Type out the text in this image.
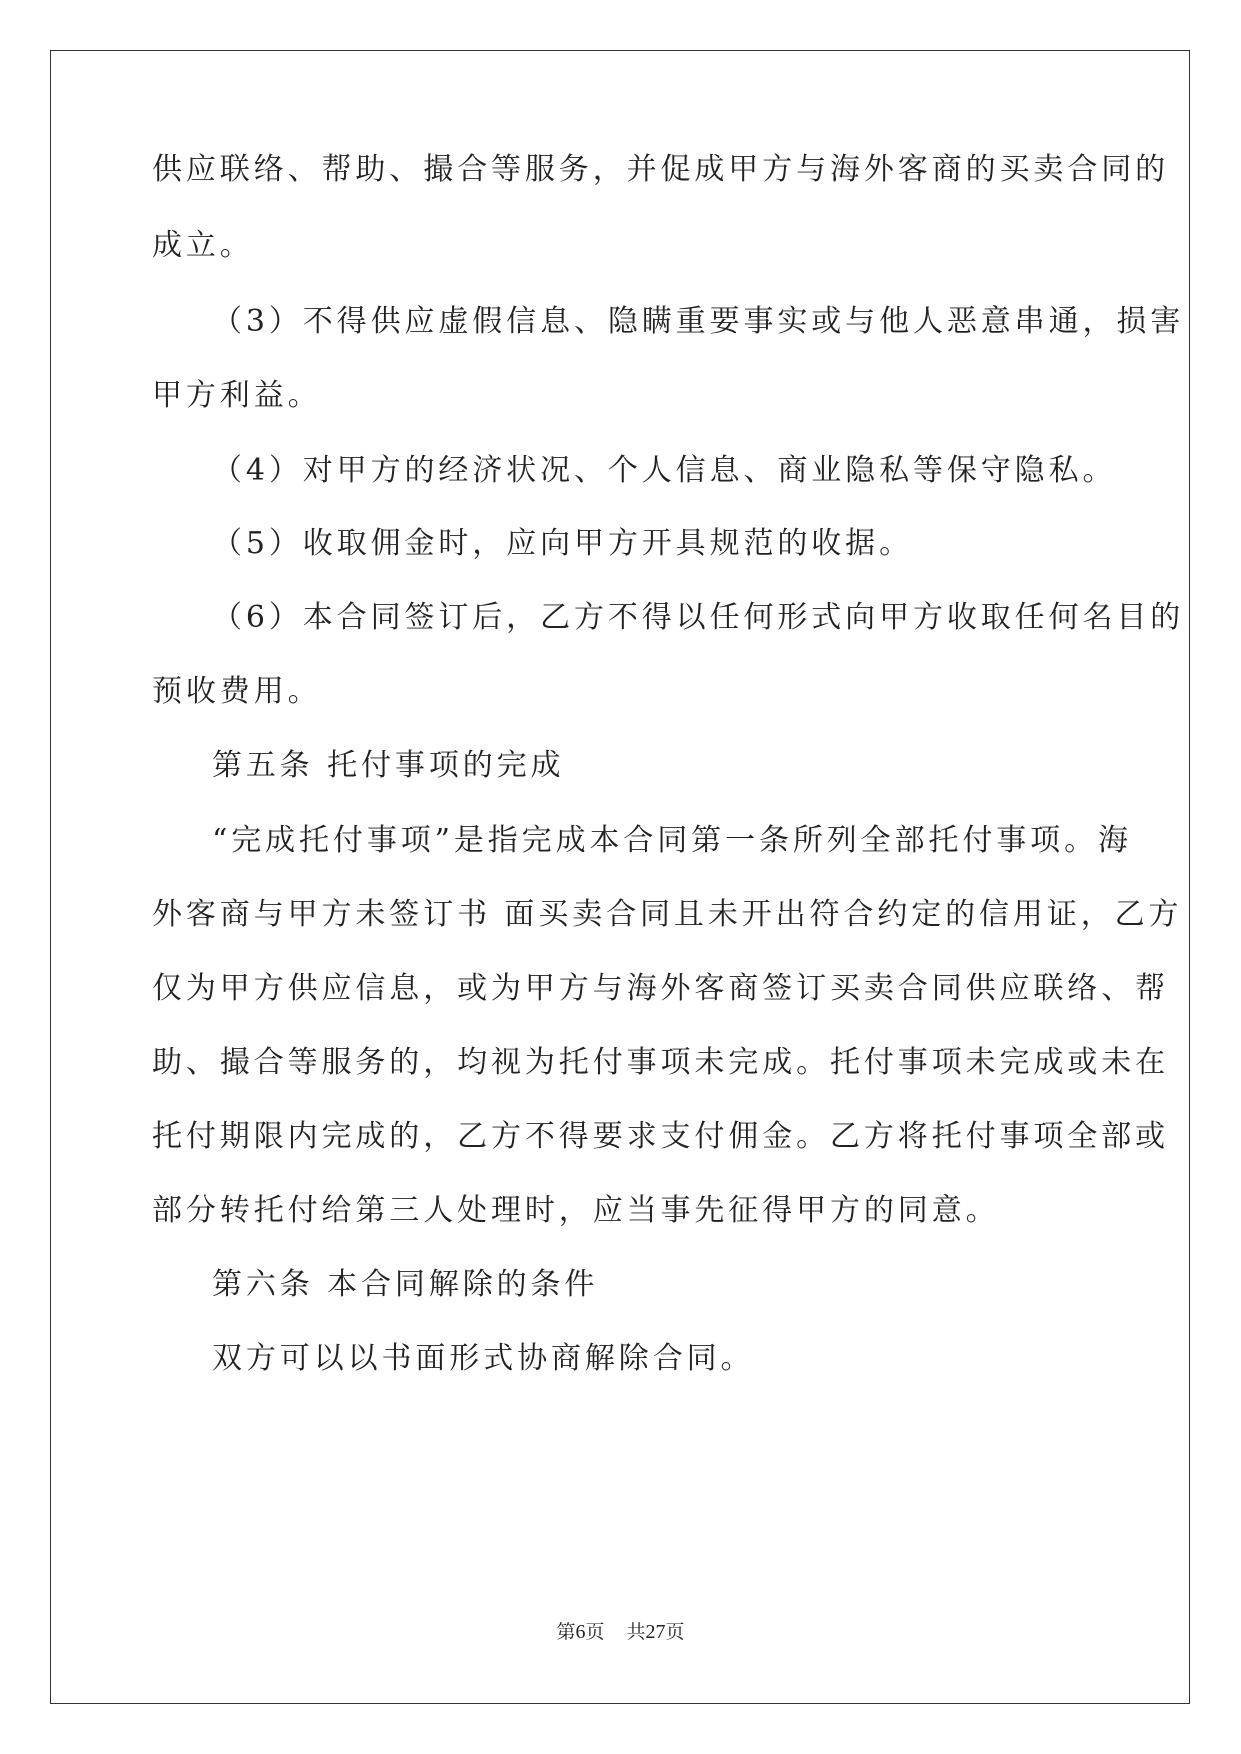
供应联络、帮助、撮合等服务，并促成甲方与海外客商的买卖合同的
成立。
（3）不得供应虚假信息、隐瞒重要事实或与他人恶意串通，损害
甲方利益。
（4）对甲方的经济状况、个人信息、商业隐私等保守隐私。
（5）收取佣金时，应向甲方开具规范的收据。
（6）本合同签订后，乙方不得以任何形式向甲方收取任何名目的
预收费用。
第五条 托付事项的完成
“完成托付事项”是指完成本合同第一条所列全部托付事项。海
外客商与甲方未签订书 面买卖合同且未开出符合约定的信用证，乙方
仅为甲方供应信息，或为甲方与海外客商签订买卖合同供应联络、帮
助、撮合等服务的，均视为托付事项未完成。托付事项未完成或未在
托付期限内完成的，乙方不得要求支付佣金。乙方将托付事项全部或
部分转托付给第三人处理时，应当事先征得甲方的同意。
第六条 本合同解除的条件
双方可以以书面形式协商解除合同。
第6页 共27页
